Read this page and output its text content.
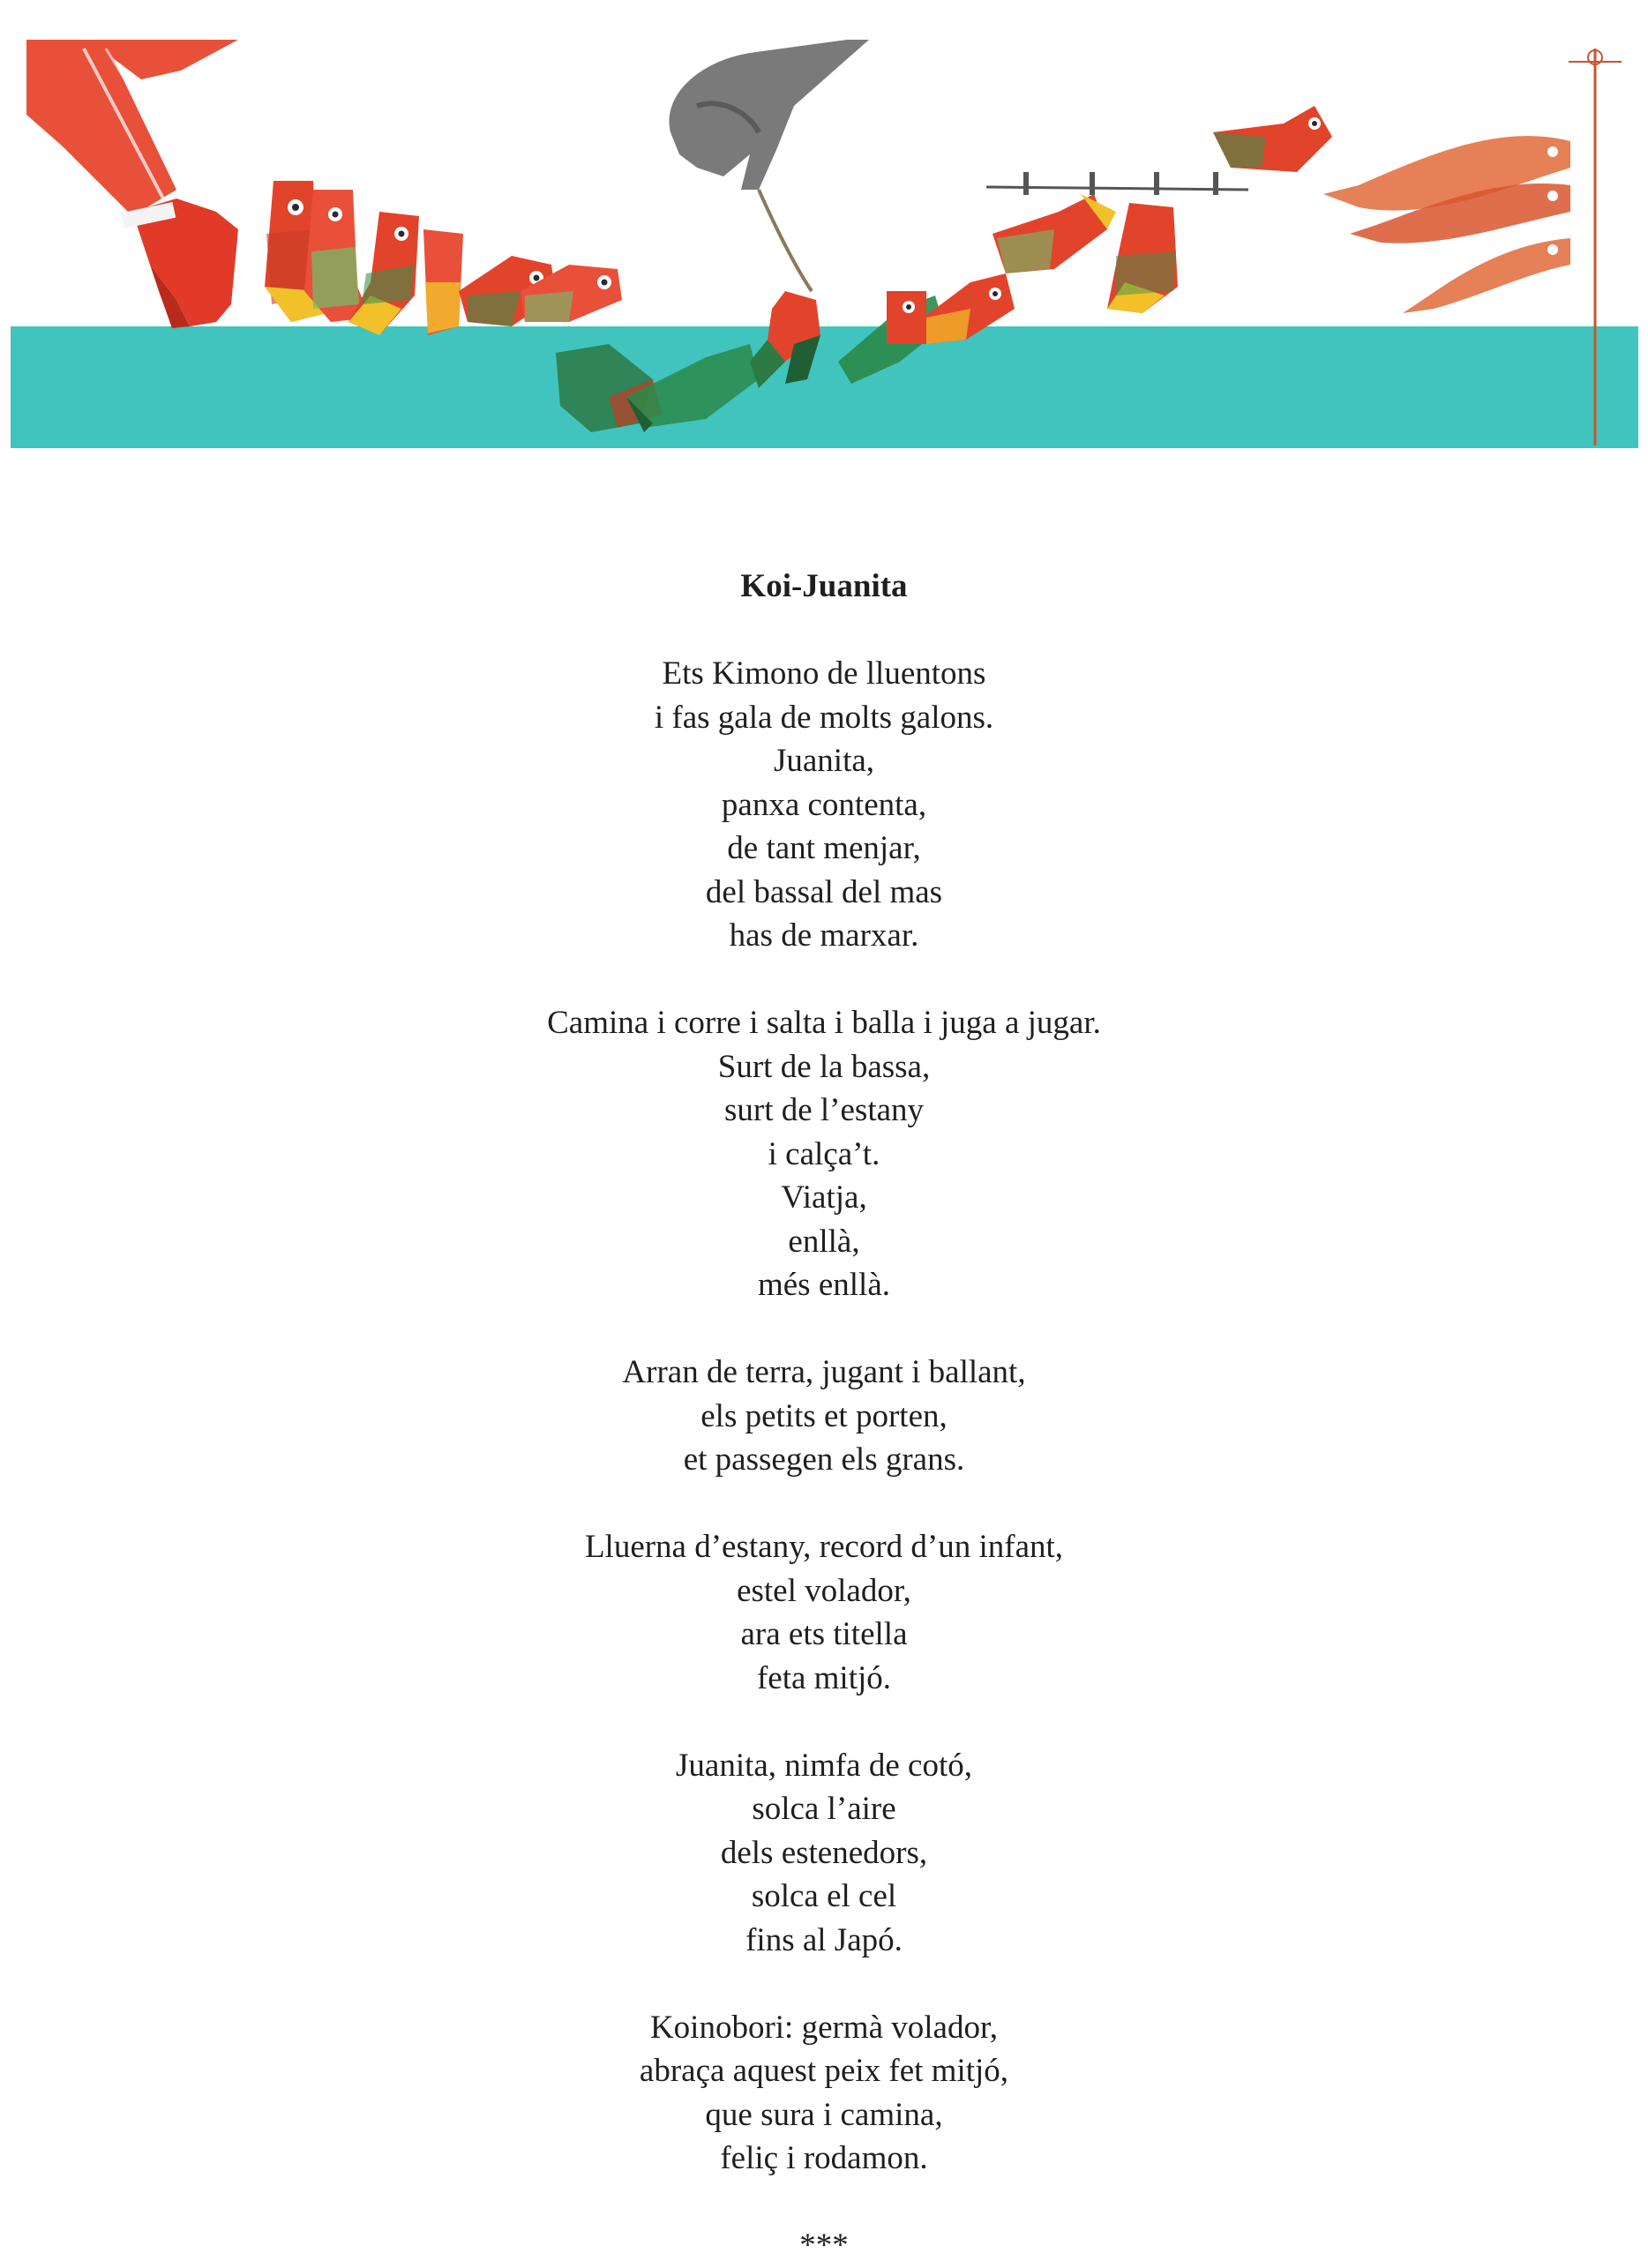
Koi-Juanita
Ets Kimono de lluentons
i fas gala de molts galons.
Juanita,
panxa contenta,
de tant menjar,
del bassal del mas
has de marxar.
Camina i corre i salta i balla i juga a jugar.
Surt de la bassa,
surt de l’estany
i calça’t.
Viatja,
enllà,
més enllà.
Arran de terra, jugant i ballant,
els petits et porten,
et passegen els grans.
Lluerna d’estany, record d’un infant,
estel volador,
ara ets titella
feta mitjó.
Juanita, nimfa de cotó,
solca l’aire
dels estenedors,
solca el cel
fins al Japó.
Koinobori: germà volador,
abraça aquest peix fet mitjó,
que sura i camina,
feliç i rodamon.
***
